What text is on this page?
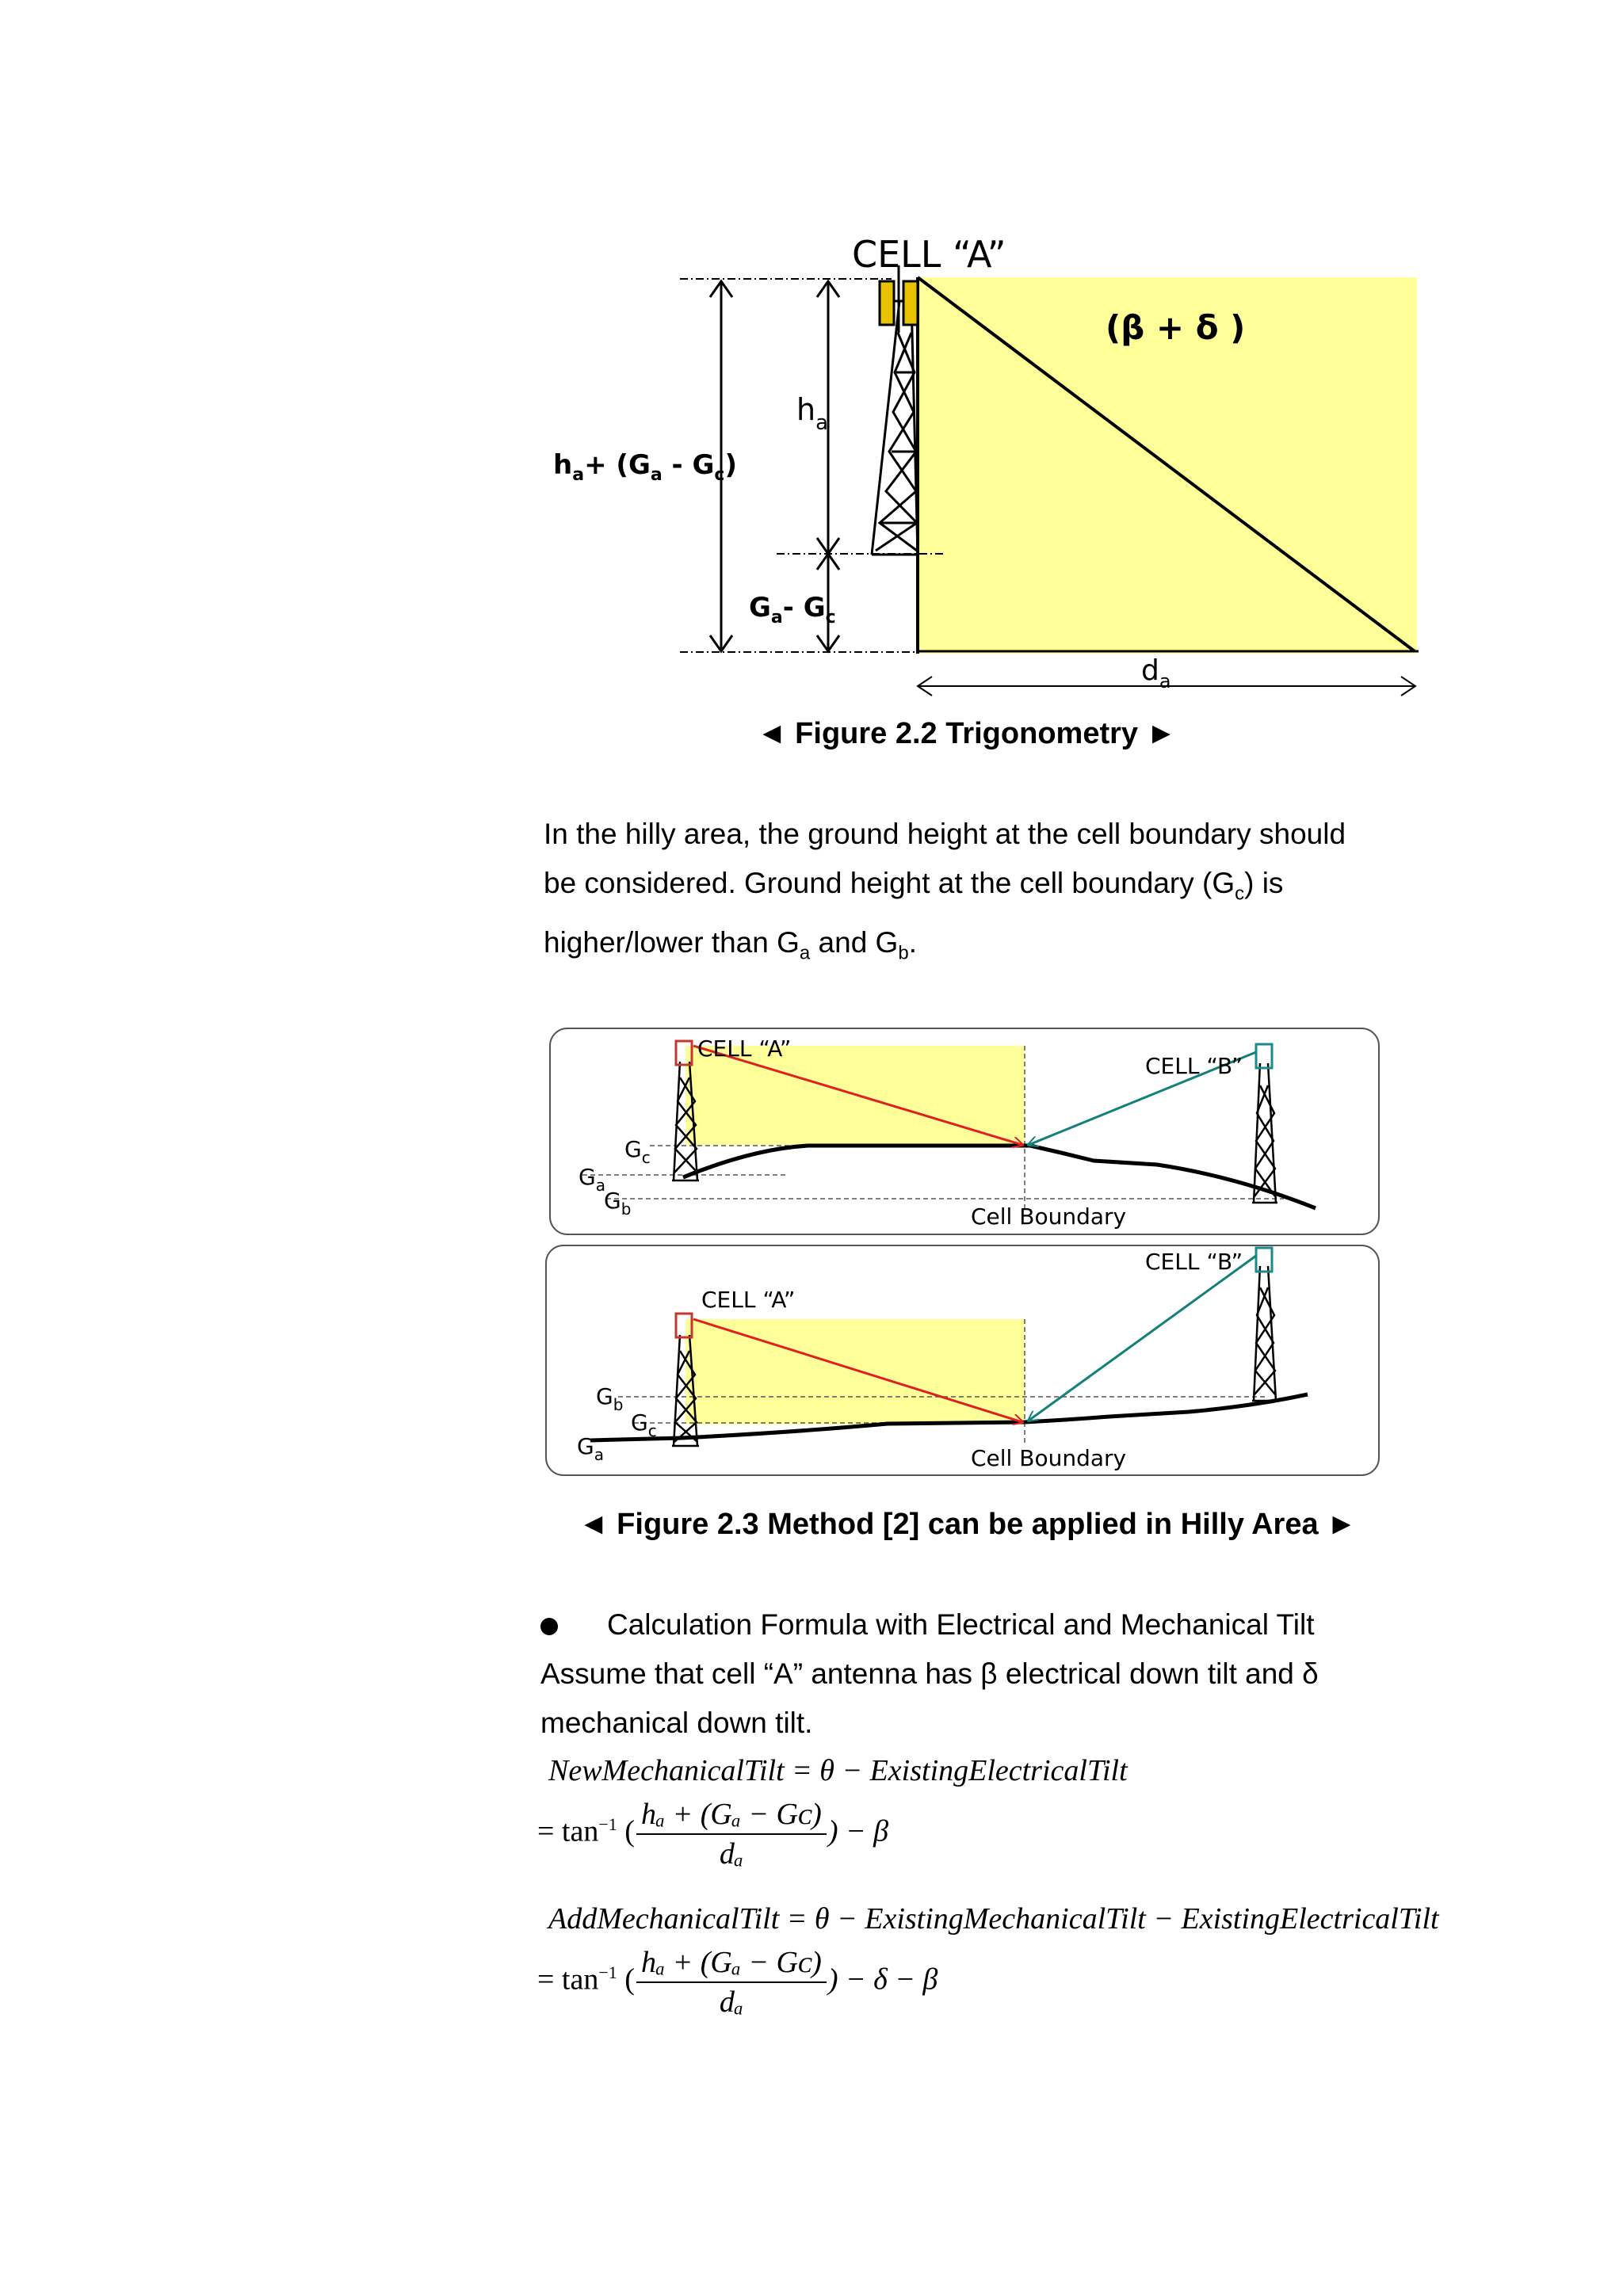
CELL “A”
(β + δ )
$h_a$
$h_a+ (G_a - G_c)$
$G_a-$ $G_c$
$d_a$
◄ Figure 2.2 Trigonometry ►

In the hilly area, the ground height at the cell boundary should

be considered. Ground height at the cell boundary $(G_c)$ is

higher/lower than $G_a$ and $G_b$.

CELL “A”
CELL “B”
Cell Boundary
$G_c$
$G_a$
$G_b$
CELL “A”
CELL “B”
Cell Boundary
$G_b$
$G_c$
$G_a$
◄ Figure 2.3 Method [2] can be applied in Hilly Area ►

Calculation Formula with Electrical and Mechanical Tilt

Assume that cell “A” antenna has β electrical down tilt and δ

mechanical down tilt.

NewMechanicalTilt = θ − ExistingElectricalTilt
= $\tan^{-1}$ ( $\frac{\text{hₐ + (Gₐ − Gᴄ)}}{\text{dₐ}}$ ) − β
AddMechanicalTilt = θ − ExistingMechanicalTilt − ExistingElectricalTilt
= $\tan^{-1}$ ( $\frac{\text{hₐ + (Gₐ − Gᴄ)}}{\text{dₐ}}$ ) − δ − β
